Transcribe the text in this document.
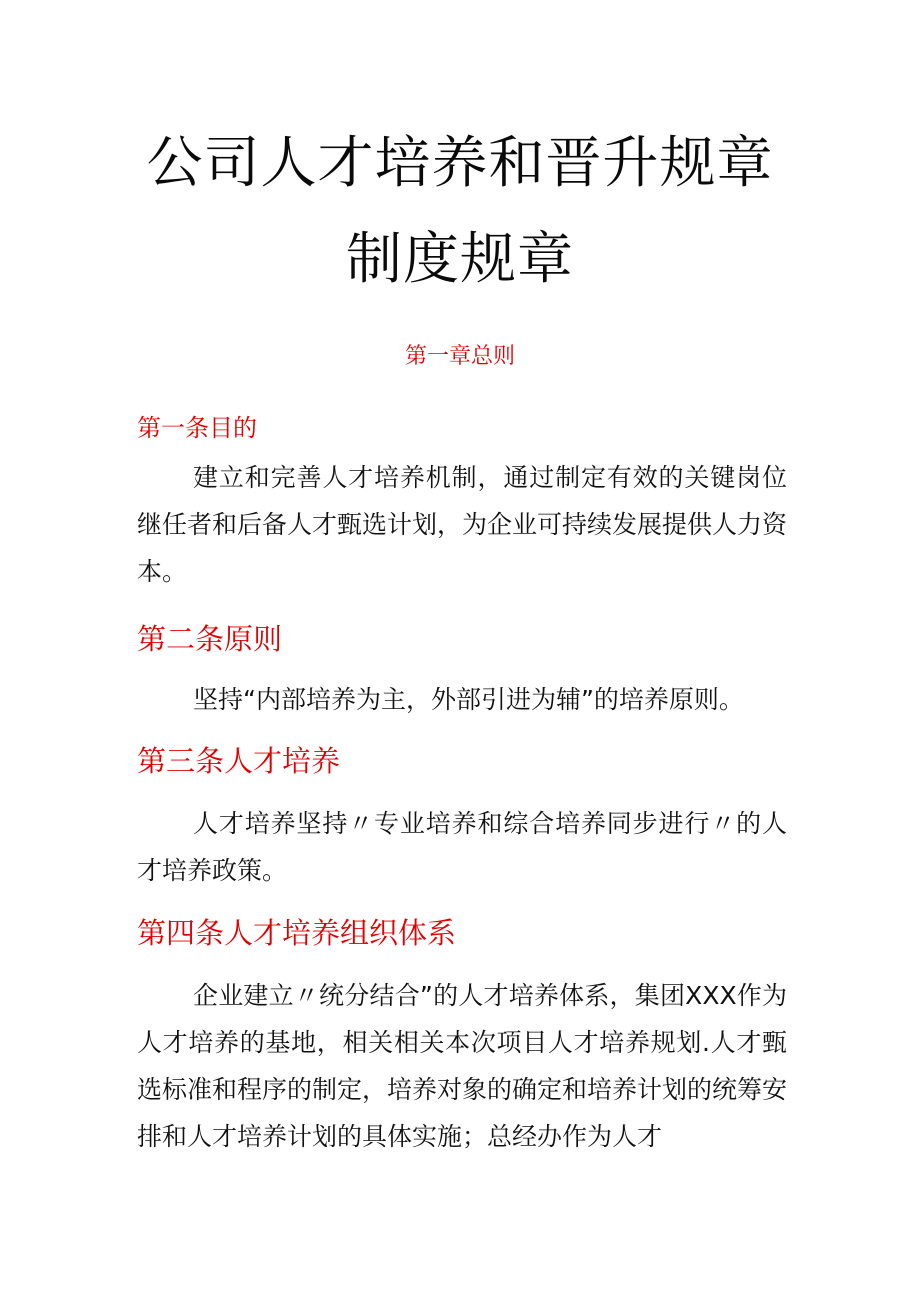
公司人才培养和晋升规章
制度规章
第一章总则
第一条目的

建立和完善人才培养机制，通过制定有效的关键岗位继任者和后备人才甄选计划，为企业可持续发展提供人力资本。

第二条原则

坚持“内部培养为主，外部引进为辅”的培养原则。

第三条人才培养

人才培养坚持〃专业培养和综合培养同步进行〃的人才培养政策。

第四条人才培养组织体系

企业建立〃统分结合”的人才培养体系，集团XXX作为人才培养的基地，相关相关本次项目人才培养规划.人才甄选标准和程序的制定，培养对象的确定和培养计划的统筹安排和人才培养计划的具体实施；总经办作为人才
